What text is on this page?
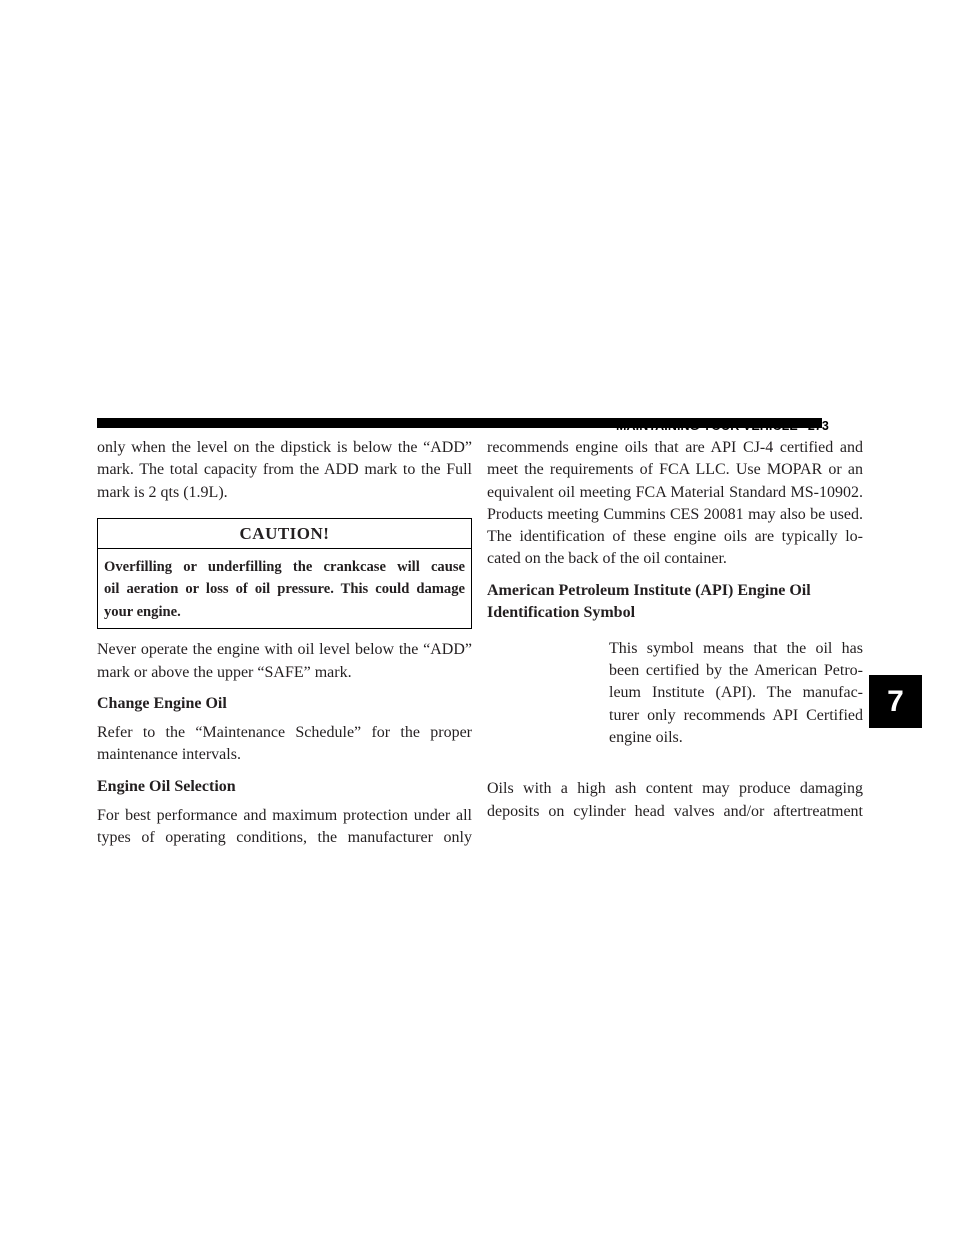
MAINTAINING YOUR VEHICLE 273

only when the level on the dipstick is below the “ADD”
mark. The total capacity from the ADD mark to the Full
mark is 2 qts (1.9L).

CAUTION!
Overfilling or underfilling the crankcase will cause
oil aeration or loss of oil pressure. This could damage
your engine.

Never operate the engine with oil level below the “ADD”
mark or above the upper “SAFE” mark.

Change Engine Oil

Refer to the “Maintenance Schedule” for the proper
maintenance intervals.

Engine Oil Selection

For best performance and maximum protection under all
types of operating conditions, the manufacturer only

recommends engine oils that are API CJ-4 certified and
meet the requirements of FCA LLC. Use MOPAR or an
equivalent oil meeting FCA Material Standard MS-10902.
Products meeting Cummins CES 20081 may also be used.
The identification of these engine oils are typically lo-
cated on the back of the oil container.

American Petroleum Institute (API) Engine Oil
Identification Symbol

This symbol means that the oil has
been certified by the American Petro-
leum Institute (API). The manufac-
turer only recommends API Certified
engine oils.

Oils with a high ash content may produce damaging
deposits on cylinder head valves and/or aftertreatment

7
